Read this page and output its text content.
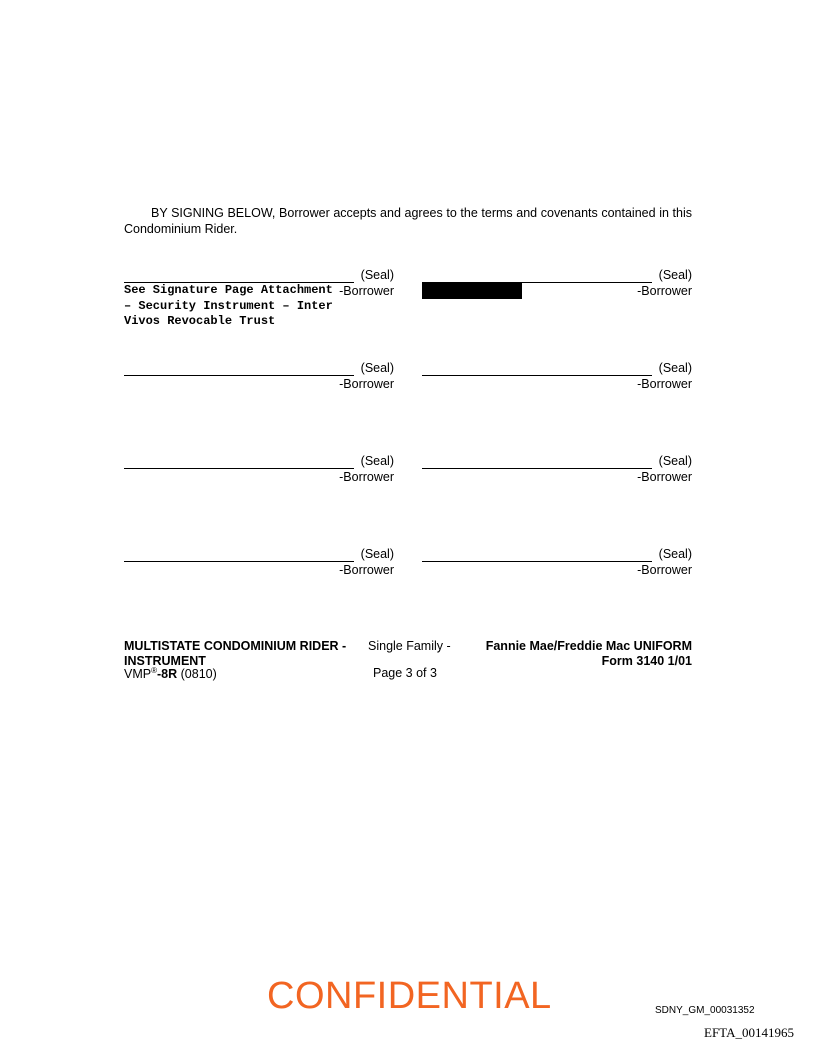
BY SIGNING BELOW, Borrower accepts and agrees to the terms and covenants contained in this Condominium Rider.
(Seal)
-Borrower
(Seal)
-Borrower
See Signature Page Attachment – Security Instrument – Inter Vivos Revocable Trust
(Seal)
-Borrower
(Seal)
-Borrower
(Seal)
-Borrower
(Seal)
-Borrower
(Seal)
-Borrower
(Seal)
-Borrower
MULTISTATE CONDOMINIUM RIDER - Single Family -	Fannie Mae/Freddie Mac UNIFORM
INSTRUMENT	Form 3140 1/01
VMP®-8R (0810)	Page 3 of 3
CONFIDENTIAL	SDNY_GM_00031352
EFTA_00141965
